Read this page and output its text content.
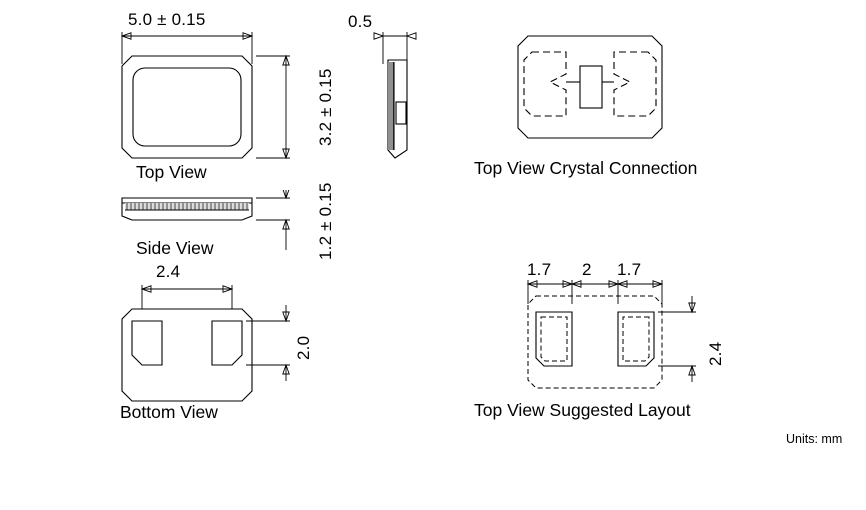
5.0 ± 0.15
3.2 ± 0.15
Top View
1.2 ± 0.15
Side View
2.4
2.0
Bottom View
0.5
Top View Crystal Connection
1.7 2 1.7
2.4
Top View Suggested Layout
Units: mm
